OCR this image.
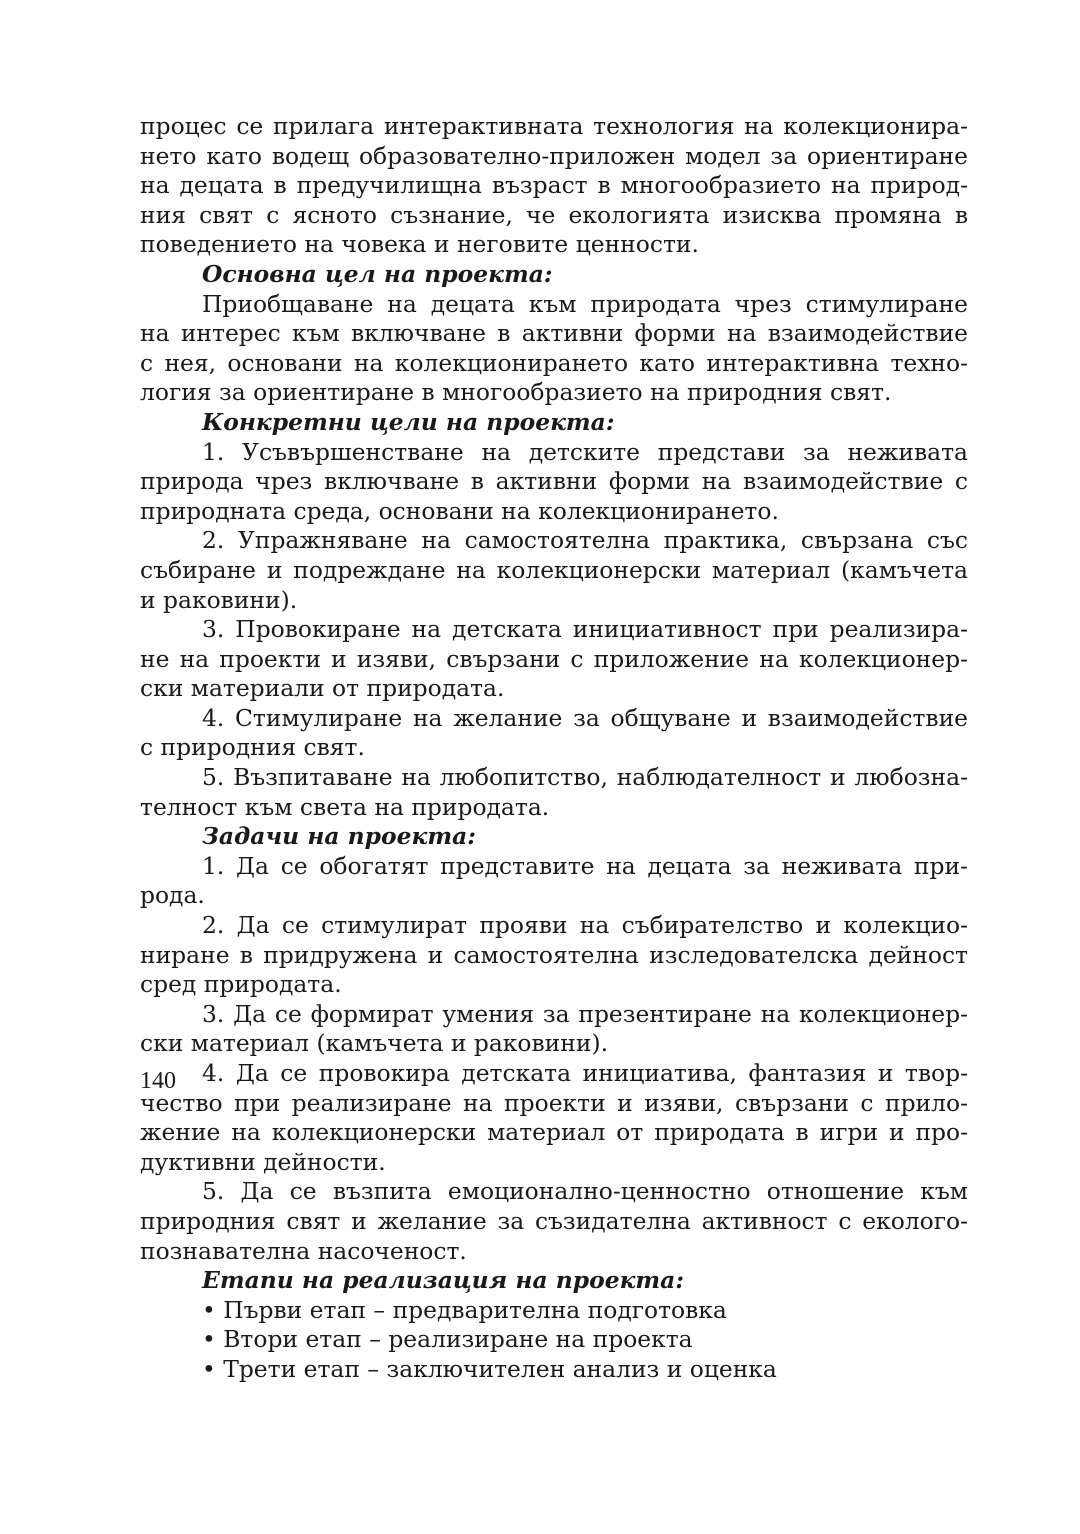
процес се прилага интерактивната технология на колекционира-
нето като водещ образователно-приложен модел за ориентиране
на децата в предучилищна възраст в многообразието на природ-
ния свят с ясното съзнание, че екологията изисква промяна в
поведението на човека и неговите ценности.
Основна цел на проекта:
Приобщаване на децата към природата чрез стимулиране
на интерес към включване в активни форми на взаимодействие
с нея, основани на колекционирането като интерактивна техно-
логия за ориентиране в многообразието на природния свят.
Конкретни цели на проекта:
1. Усъвършенстване на детските представи за неживата
природа чрез включване в активни форми на взаимодействие с
природната среда, основани на колекционирането.
2. Упражняване на самостоятелна практика, свързана със
събиране и подреждане на колекционерски материал (камъчета
и раковини).
3. Провокиране на детската инициативност при реализира-
не на проекти и изяви, свързани с приложение на колекционер-
ски материали от природата.
4. Стимулиране на желание за общуване и взаимодействие
с природния свят.
5. Възпитаване на любопитство, наблюдателност и любозна-
телност към света на природата.
Задачи на проекта:
1. Да се обогатят представите на децата за неживата при-
рода.
2. Да се стимулират прояви на събирателство и колекцио-
ниране в придружена и самостоятелна изследователска дейност
сред природата.
3. Да се формират умения за презентиране на колекционер-
ски материал (камъчета и раковини).
4. Да се провокира детската инициатива, фантазия и твор-
чество при реализиране на проекти и изяви, свързани с прило-
жение на колекционерски материал от природата в игри и про-
дуктивни дейности.
5. Да се възпита емоционално-ценностно отношение към
природния свят и желание за съзидателна активност с еколого-
познавателна насоченост.
Етапи на реализация на проекта:
• Първи етап – предварителна подготовка
• Втори етап – реализиране на проекта
• Трети етап – заключителен анализ и оценка
140
